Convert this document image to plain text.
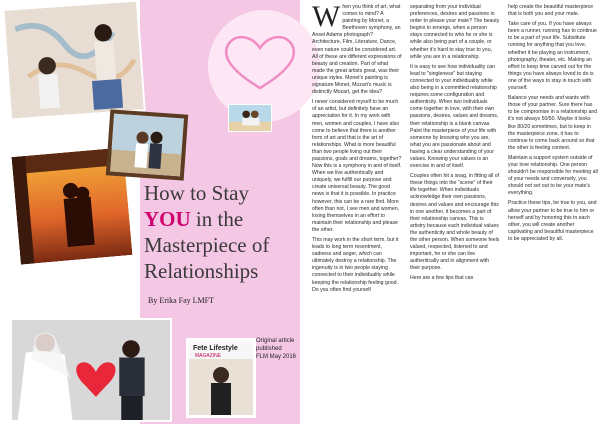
How to Stay
YOU in the
Masterpiece of
Relationships
By Erika Fay LMFT
Fete Lifestyle
MAGAZINE
Original article published
FLM May 2016

When you think of art, what comes to mind? A painting by Monet, a Beethoven symphony, an Ansel Adams photograph? Architecture, Film, Literature, Dance, even nature could be considered art. All of these are different expressions of beauty and creation. Part of what made the great artists great, was their unique styles. Monet's painting is signature Monet, Mozart's music is distinctly Mozart, get the idea?

I never considered myself to be much of an artist, but definitely have an appreciation for it. In my work with men, women and couples, I have also come to believe that there is another form of art and that is the art of relationships. What is more beautiful than two people living out their passions, goals and dreams, together? Now this is a symphony in and of itself. When we live authentically and uniquely, we fulfill our purpose and create universal beauty. The good news is that it is possible. In practice however, this can be a rare find. More often than not, I see men and women, losing themselves in an effort to maintain their relationship and please the other.

This may work in the short term, but it leads to long term resentment, sadness and anger, which can ultimately destroy a relationship. The ingenuity is in two people staying connected to their individuality while keeping the relationship feeling good. Do you often find yourself

separating from your individual preferences, desires and passions in order to please your mate? The beauty begins to emerge, when a person stays connected to who he or she is while also being part of a couple, or whether it's hard to stay true to you, while you are in a relationship.

It is easy to see how individuality can lead to "singleness" but staying connected to your individuality while also being in a committed relationship requires some configuration and authenticity. When two individuals come together in love, with their own passions, desires, values and dreams, their relationship is a blank canvas. Paint the masterpiece of your life with someone by knowing who you are, what you are passionate about and having a clear understanding of your values. Knowing your values is an exercise in and of itself.

Couples often hit a snag, in fitting all of these things into the "scene" of their life together. When individuals acknowledge their own passions, desires and values and encourage this in one another, it becomes a part of their relationship canvas. This is artistry because each individual values the authenticity and whole beauty of the other person. When someone feels valued, respected, listened to and important, he or she can live authentically and in alignment with their purpose.

Here are a few tips that can

help create the beautiful masterpiece that is both you and your mate.

Take care of you. If you have always been a runner, running has to continue to be a part of your life. Substitute running for anything that you love, whether it be playing an instrument, photography, theater, etc. Making an effort to keep time carved out for the things you have always loved to do is one of the ways to stay in touch with yourself.

Balance your needs and wants with those of your partner. Sure there has to be compromise in a relationship and it's not always 50/50. Maybe it looks like 80/20 sometimes, but to keep in the masterpiece zone, it has to continue to come back around so that the other is feeling content.

Maintain a support system outside of your love relationship. One person shouldn't be responsible for meeting all of your needs and conversely, you should not set out to be your mate's everything.

Practice these tips, be true to you, and allow your partner to be true to him or herself and by honoring this in each other, you will create another captivating and beautiful masterpiece to be appreciated by all.
